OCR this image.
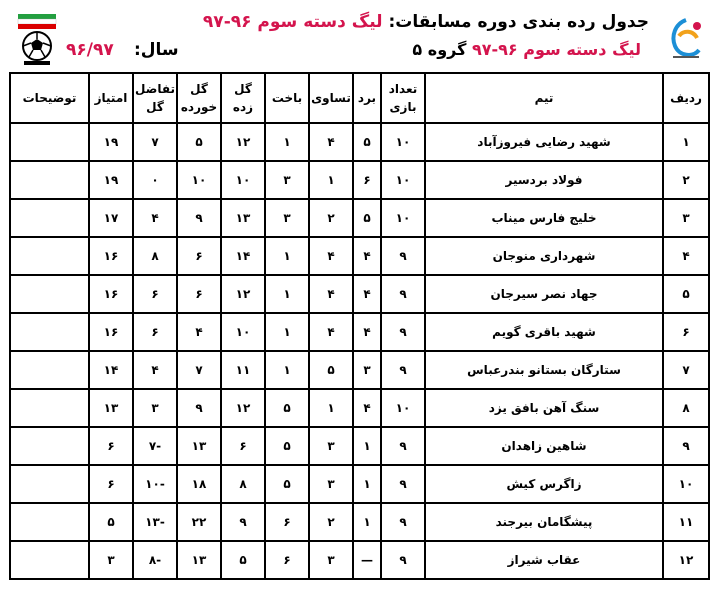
جدول رده بندی دوره مسابقات: لیگ دسته سوم ۹۶-۹۷
لیگ دسته سوم ۹۶-۹۷ گروه ۵
سال:
۹۶/۹۷
ردیف	تیم	تعداد بازی	برد	تساوی	باخت	گل زده	گل خورده	تفاضل گل	امتیاز	توضیحات
۱	شهید رضایی فیروزآباد	۱۰	۵	۴	۱	۱۲	۵	۷	۱۹	
۲	فولاد بردسیر	۱۰	۶	۱	۳	۱۰	۱۰	۰	۱۹	
۳	خلیج فارس میناب	۱۰	۵	۲	۳	۱۳	۹	۴	۱۷	
۴	شهرداری منوجان	۹	۴	۴	۱	۱۴	۶	۸	۱۶	
۵	جهاد نصر سیرجان	۹	۴	۴	۱	۱۲	۶	۶	۱۶	
۶	شهید باقری گویم	۹	۴	۴	۱	۱۰	۴	۶	۱۶	
۷	ستارگان بستانو بندرعباس	۹	۳	۵	۱	۱۱	۷	۴	۱۴	
۸	سنگ آهن بافق یزد	۱۰	۴	۱	۵	۱۲	۹	۳	۱۳	
۹	شاهین زاهدان	۹	۱	۳	۵	۶	۱۳	-۷	۶	
۱۰	زاگرس کیش	۹	۱	۳	۵	۸	۱۸	-۱۰	۶	
۱۱	پیشگامان بیرجند	۹	۱	۲	۶	۹	۲۲	-۱۳	۵	
۱۲	عقاب شیراز	۹	—	۳	۶	۵	۱۳	-۸	۳	
